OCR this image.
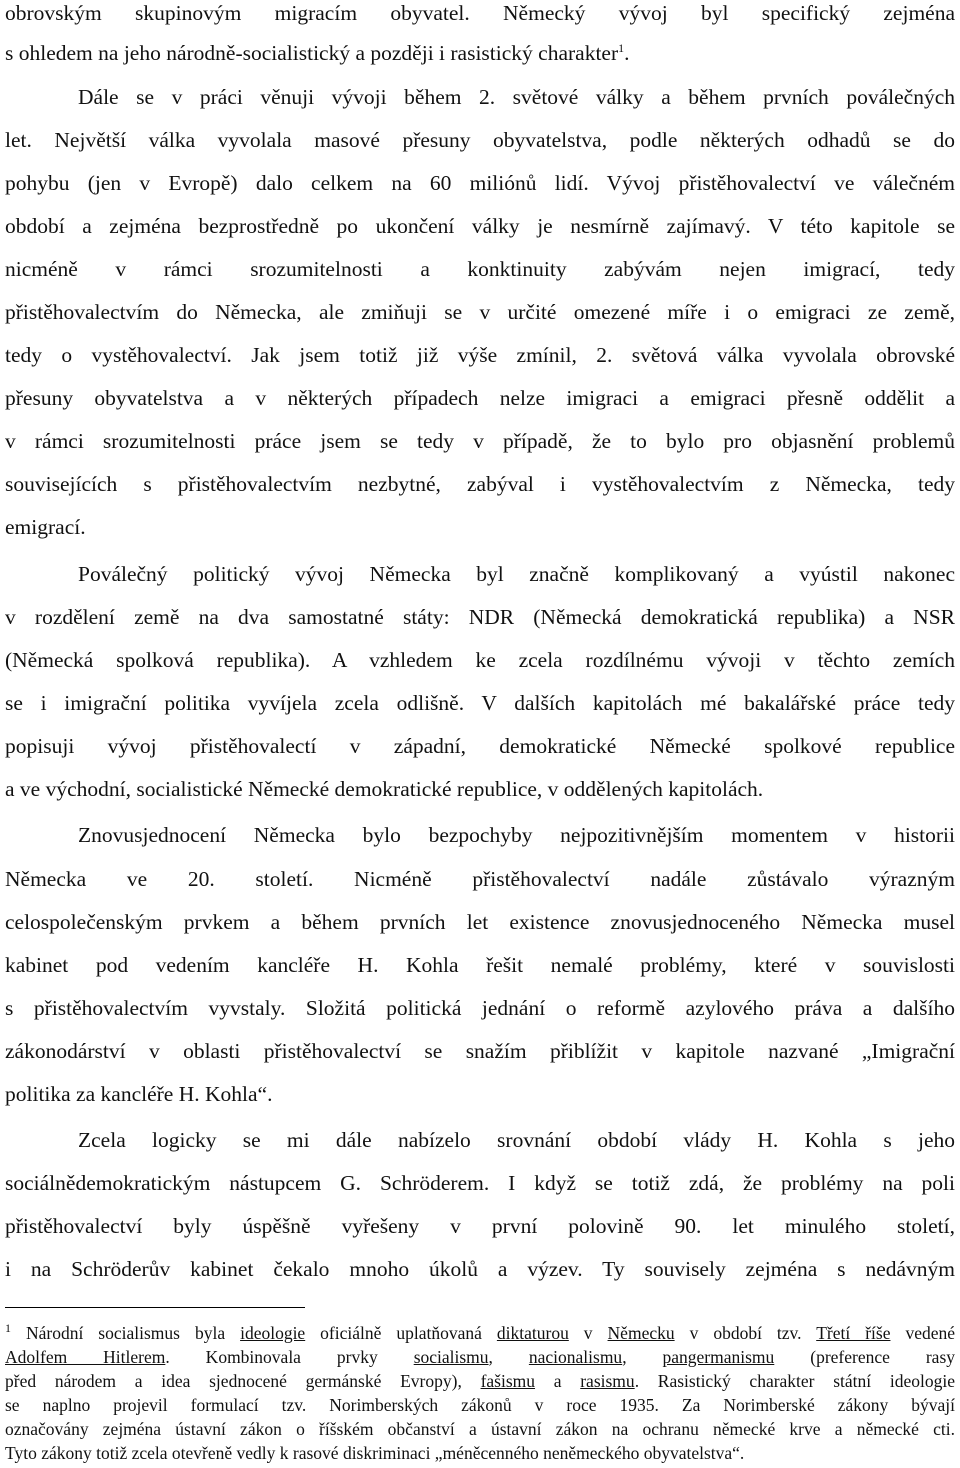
obrovským skupinovým migracím obyvatel. Německý vývoj byl specifický zejména
s ohledem na jeho národně-socialistický a později i rasistický charakter$^1$.
Dále se v práci věnuji vývoji během 2. světové války a během prvních poválečných
let. Největší válka vyvolala masové přesuny obyvatelstva, podle některých odhadů se do
pohybu (jen v Evropě) dalo celkem na 60 miliónů lidí. Vývoj přistěhovalectví ve válečném
období a zejména bezprostředně po ukončení války je nesmírně zajímavý. V této kapitole se
nicméně v rámci srozumitelnosti a konktinuity zabývám nejen imigrací, tedy
přistěhovalectvím do Německa, ale zmiňuji se v určité omezené míře i o emigraci ze země,
tedy o vystěhovalectví. Jak jsem totiž již výše zmínil, 2. světová válka vyvolala obrovské
přesuny obyvatelstva a v některých případech nelze imigraci a emigraci přesně oddělit a
v rámci srozumitelnosti práce jsem se tedy v případě, že to bylo pro objasnění problemů
souvisejících s přistěhovalectvím nezbytné, zabýval i vystěhovalectvím z Německa, tedy
emigrací.
Poválečný politický vývoj Německa byl značně komplikovaný a vyústil nakonec
v rozdělení země na dva samostatné státy: NDR (Německá demokratická republika) a NSR
(Německá spolková republika). A vzhledem ke zcela rozdílnému vývoji v těchto zemích
se i imigrační politika vyvíjela zcela odlišně. V dalších kapitolách mé bakalářské práce tedy
popisuji vývoj přistěhovalectí v západní, demokratické Německé spolkové republice
a ve východní, socialistické Německé demokratické republice, v oddělených kapitolách.
Znovusjednocení Německa bylo bezpochyby nejpozitivnějším momentem v historii
Německa ve 20. století. Nicméně přistěhovalectví nadále zůstávalo výrazným
celospolečenským prvkem a během prvních let existence znovusjednoceného Německa musel
kabinet pod vedením kancléře H. Kohla řešit nemalé problémy, které v souvislosti
s přistěhovalectvím vyvstaly. Složitá politická jednání o reformě azylového práva a dalšího
zákonodárství v oblasti přistěhovalectví se snažím přiblížit v kapitole nazvané „Imigrační
politika za kancléře H. Kohla“.
Zcela logicky se mi dále nabízelo srovnání období vlády H. Kohla s jeho
sociálnědemokratickým nástupcem G. Schröderem. I když se totiž zdá, že problémy na poli
přistěhovalectví byly úspěšně vyřešeny v první polovině 90. let minulého století,
i na Schröderův kabinet čekalo mnoho úkolů a výzev. Ty souvisely zejména s nedávným
$^1$ Národní socialismus byla ideologie oficiálně uplatňovaná diktaturou v Německu v období tzv. Třetí říše vedené
Adolfem Hitlerem. Kombinovala prvky socialismu, nacionalismu, pangermanismu (preference rasy
před národem a idea sjednocené germánské Evropy), fašismu a rasismu. Rasistický charakter státní ideologie
se naplno projevil formulací tzv. Norimberských zákonů v roce 1935. Za Norimberské zákony bývají
označovány zejména ústavní zákon o říšském občanství a ústavní zákon na ochranu německé krve a německé cti.
Tyto zákony totiž zcela otevřeně vedly k rasové diskriminaci „méněcenného neněmeckého obyvatelstva“.
